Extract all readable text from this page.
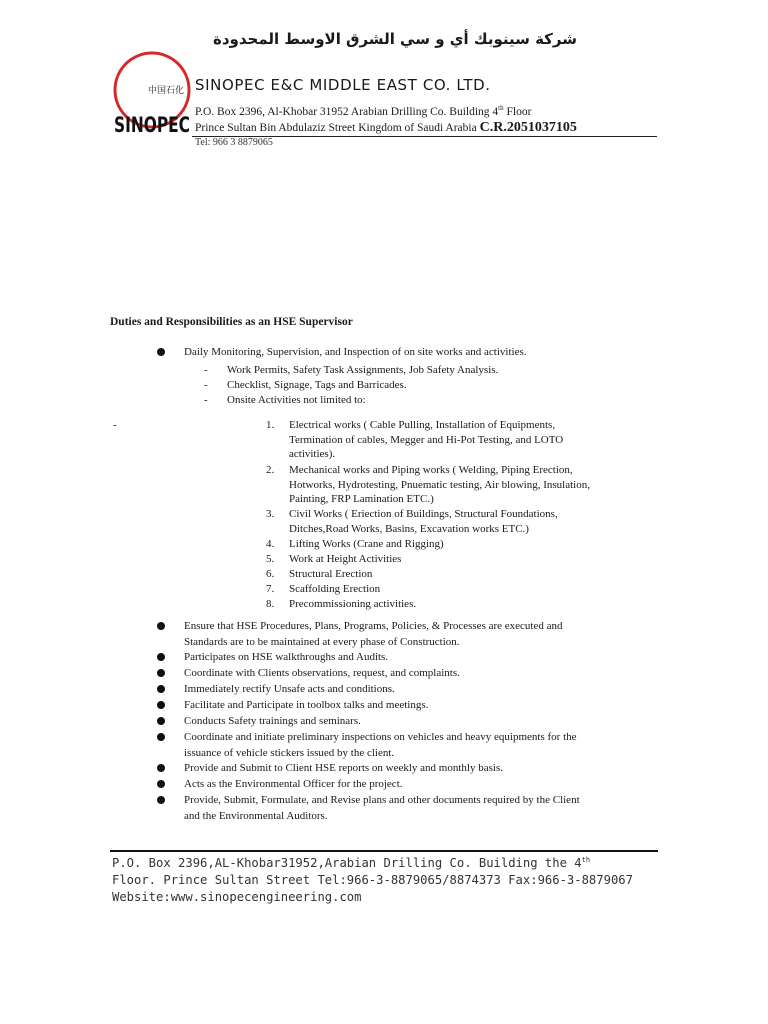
中国石化
SINOPEC
شركة سينوبك أي و سي الشرق الاوسط المحدودة
SINOPEC E&C MIDDLE EAST CO. LTD.
P.O. Box 2396, Al-Khobar 31952 Arabian Drilling Co. Building 4th Floor
Prince Sultan Bin Abdulaziz Street Kingdom of Saudi Arabia C.R.2051037105
Tel: 966 3 8879065
Duties and Responsibilities as an HSE Supervisor
Daily Monitoring, Supervision, and Inspection of on site works and activities.
- Work Permits, Safety Task Assignments, Job Safety Analysis.
- Checklist, Signage, Tags and Barricades.
- Onsite Activities not limited to:
-	1.	Electrical works ( Cable Pulling, Installation of Equipments,
Termination of cables, Megger and Hi-Pot Testing, and LOTO
activities).
2.	Mechanical works and Piping works ( Welding, Piping Erection,
Hotworks, Hydrotesting, Pnuematic testing, Air blowing, Insulation,
Painting, FRP Lamination ETC.)
3.	Civil Works ( Eriection of Buildings, Structural Foundations,
Ditches,Road Works, Basins, Excavation works ETC.)
4.	Lifting Works (Crane and Rigging)
5.	Work at Height Activities
6.	Structural Erection
7.	Scaffolding Erection
8.	Precommissioning activities.
Ensure that HSE Procedures, Plans, Programs, Policies, & Processes are executed and
Standards are to be maintained at every phase of Construction.
Participates on HSE walkthroughs and Audits.
Coordinate with Clients observations, request, and complaints.
Immediately rectify Unsafe acts and conditions.
Facilitate and Participate in toolbox talks and meetings.
Conducts Safety trainings and seminars.
Coordinate and initiate preliminary inspections on vehicles and heavy equipments for the
issuance of vehicle stickers issued by the client.
Provide and Submit to Client HSE reports on weekly and monthly basis.
Acts as the Environmental Officer for the project.
Provide, Submit, Formulate, and Revise plans and other documents required by the Client
and the Environmental Auditors.
P.O. Box 2396,AL-Khobar31952,Arabian Drilling Co. Building the 4th
Floor. Prince Sultan Street Tel:966-3-8879065/8874373 Fax:966-3-8879067
Website:www.sinopecengineering.com
